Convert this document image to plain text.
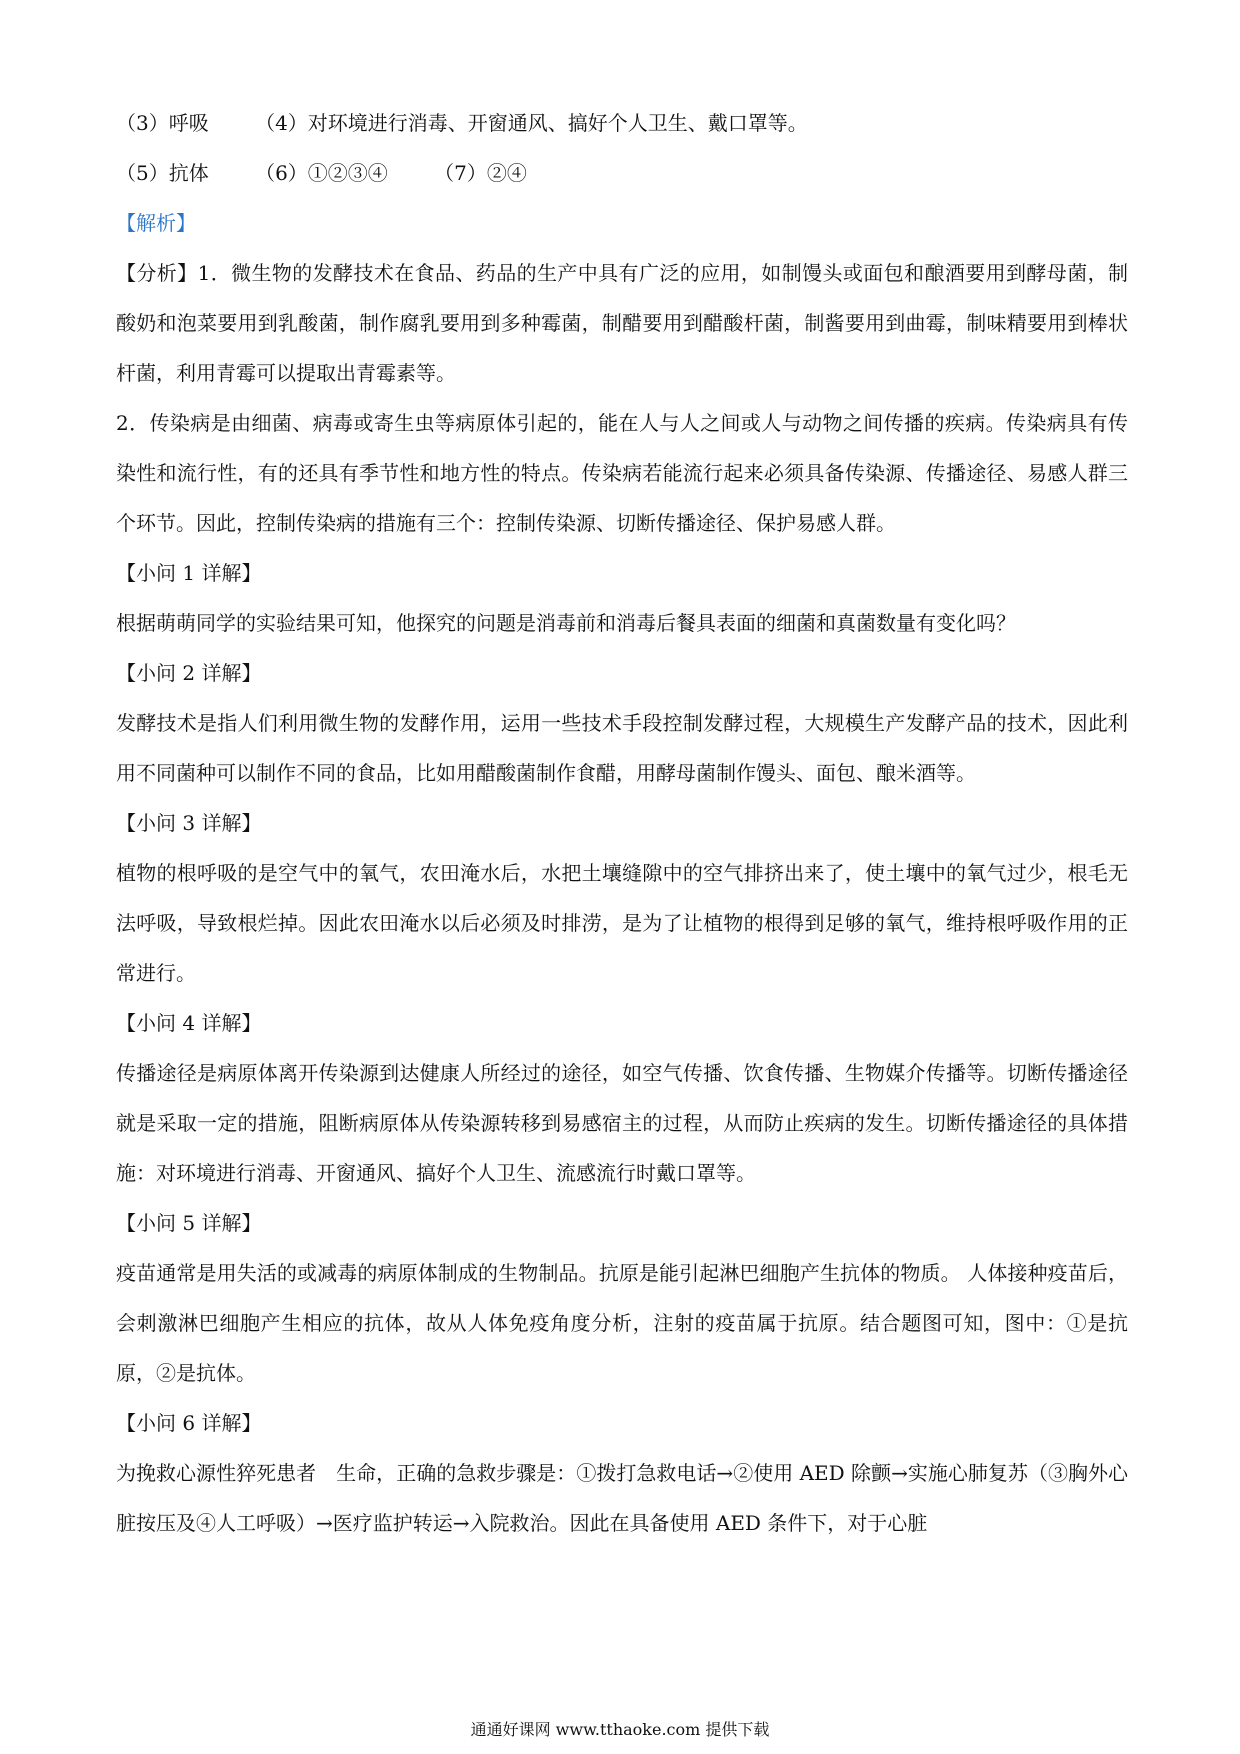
（3）呼吸　　 （4）对环境进行消毒、开窗通风、搞好个人卫生、戴口罩等。
（5）抗体　　 （6）①②③④　　 （7）②④
【解析】
【分析】1．微生物的发酵技术在食品、药品的生产中具有广泛的应用，如制馒头或面包和酿酒要用到酵母菌，制酸奶和泡菜要用到乳酸菌，制作腐乳要用到多种霉菌，制醋要用到醋酸杆菌，制酱要用到曲霉，制味精要用到棒状杆菌，利用青霉可以提取出青霉素等。
2．传染病是由细菌、病毒或寄生虫等病原体引起的，能在人与人之间或人与动物之间传播的疾病。传染病具有传染性和流行性，有的还具有季节性和地方性的特点。传染病若能流行起来必须具备传染源、传播途径、易感人群三个环节。因此，控制传染病的措施有三个：控制传染源、切断传播途径、保护易感人群。
【小问 1 详解】
根据萌萌同学的实验结果可知，他探究的问题是消毒前和消毒后餐具表面的细菌和真菌数量有变化吗？
【小问 2 详解】
发酵技术是指人们利用微生物的发酵作用，运用一些技术手段控制发酵过程，大规模生产发酵产品的技术，因此利用不同菌种可以制作不同的食品，比如用醋酸菌制作食醋，用酵母菌制作馒头、面包、酿米酒等。
【小问 3 详解】
植物的根呼吸的是空气中的氧气，农田淹水后，水把土壤缝隙中的空气排挤出来了，使土壤中的氧气过少，根毛无法呼吸，导致根烂掉。因此农田淹水以后必须及时排涝，是为了让植物的根得到足够的氧气，维持根呼吸作用的正常进行。
【小问 4 详解】
传播途径是病原体离开传染源到达健康人所经过的途径，如空气传播、饮食传播、生物媒介传播等。切断传播途径就是采取一定的措施，阻断病原体从传染源转移到易感宿主的过程，从而防止疾病的发生。切断传播途径的具体措施：对环境进行消毒、开窗通风、搞好个人卫生、流感流行时戴口罩等。
【小问 5 详解】
疫苗通常是用失活的或减毒的病原体制成的生物制品。抗原是能引起淋巴细胞产生抗体的物质。 人体接种疫苗后，会刺激淋巴细胞产生相应的抗体，故从人体免疫角度分析，注射的疫苗属于抗原。结合题图可知，图中：①是抗原，②是抗体。
【小问 6 详解】
为挽救心源性猝死患者　生命，正确的急救步骤是：①拨打急救电话→②使用 AED 除颤→实施心肺复苏（③胸外心脏按压及④人工呼吸）→医疗监护转运→入院救治。因此在具备使用 AED 条件下，对于心脏
通通好课网 www.tthaoke.com 提供下载
